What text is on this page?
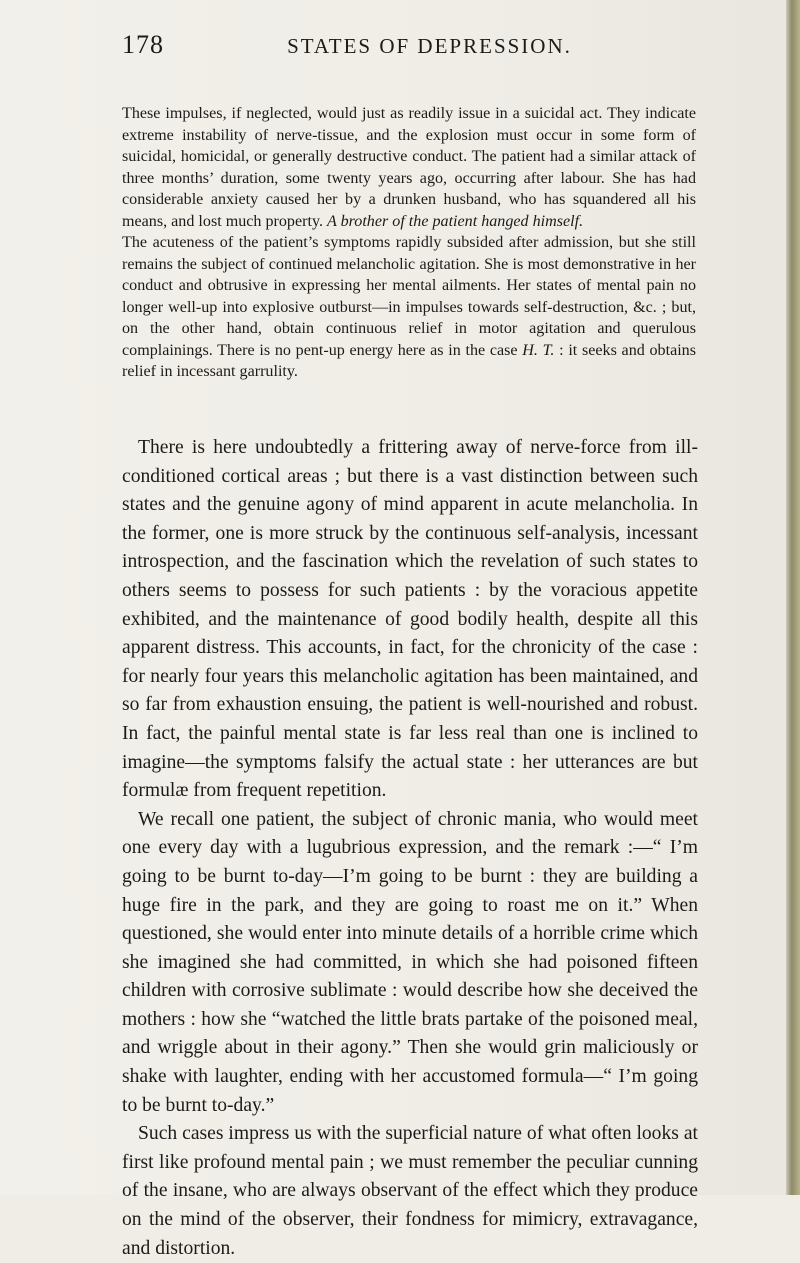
178	STATES OF DEPRESSION.

These impulses, if neglected, would just as readily issue in a suicidal act. They indicate extreme instability of nerve-tissue, and the explosion must occur in some form of suicidal, homicidal, or generally destructive conduct. The patient had a similar attack of three months’ duration, some twenty years ago, occurring after labour. She has had considerable anxiety caused her by a drunken husband, who has squandered all his means, and lost much property. A brother of the patient hanged himself.

The acuteness of the patient’s symptoms rapidly subsided after admission, but she still remains the subject of continued melancholic agitation. She is most demonstrative in her conduct and obtrusive in expressing her mental ailments. Her states of mental pain no longer well-up into explosive outburst—in impulses towards self-destruction, &c. ; but, on the other hand, obtain continuous relief in motor agitation and querulous complainings. There is no pent-up energy here as in the case H. T. : it seeks and obtains relief in incessant garrulity.

There is here undoubtedly a frittering away of nerve-force from ill-conditioned cortical areas ; but there is a vast distinction between such states and the genuine agony of mind apparent in acute melancholia. In the former, one is more struck by the continuous self-analysis, incessant introspection, and the fascination which the revelation of such states to others seems to possess for such patients : by the voracious appetite exhibited, and the maintenance of good bodily health, despite all this apparent distress. This accounts, in fact, for the chronicity of the case : for nearly four years this melancholic agitation has been maintained, and so far from exhaustion ensuing, the patient is well-nourished and robust. In fact, the painful mental state is far less real than one is inclined to imagine—the symptoms falsify the actual state : her utterances are but formulæ from frequent repetition.

We recall one patient, the subject of chronic mania, who would meet one every day with a lugubrious expression, and the remark :—“ I’m going to be burnt to-day—I’m going to be burnt : they are building a huge fire in the park, and they are going to roast me on it.” When questioned, she would enter into minute details of a horrible crime which she imagined she had committed, in which she had poisoned fifteen children with corrosive sublimate : would describe how she deceived the mothers : how she “watched the little brats partake of the poisoned meal, and wriggle about in their agony.” Then she would grin maliciously or shake with laughter, ending with her accustomed formula—“ I’m going to be burnt to-day.”

Such cases impress us with the superficial nature of what often looks at first like profound mental pain ; we must remember the peculiar cunning of the insane, who are always observant of the effect which they produce on the mind of the observer, their fondness for mimicry, extravagance, and distortion.
